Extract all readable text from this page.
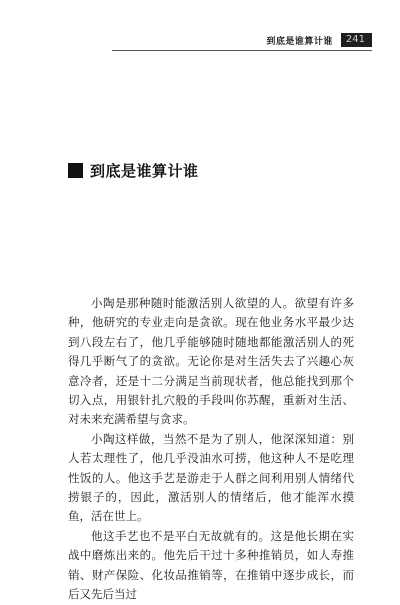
到底是谁算计谁	241
到底是谁算计谁

小陶是那种随时能激活别人欲望的人。欲望有许多种，他研究的专业走向是贪欲。现在他业务水平最少达到八段左右了，他几乎能够随时随地都能激活别人的死得几乎断气了的贪欲。无论你是对生活失去了兴趣心灰意冷者，还是十二分满足当前现状者，他总能找到那个切入点，用银针扎穴般的手段叫你苏醒，重新对生活、对未来充满希望与贪求。

小陶这样做，当然不是为了别人，他深深知道：别人若太理性了，他几乎没油水可捞，他这种人不是吃理性饭的人。他这手艺是游走于人群之间利用别人情绪代捞银子的，因此，激活别人的情绪后，他才能浑水摸鱼，活在世上。

他这手艺也不是平白无故就有的。这是他长期在实战中磨炼出来的。他先后干过十多种推销员，如人寿推销、财产保险、化妆品推销等，在推销中逐步成长，而后又先后当过
